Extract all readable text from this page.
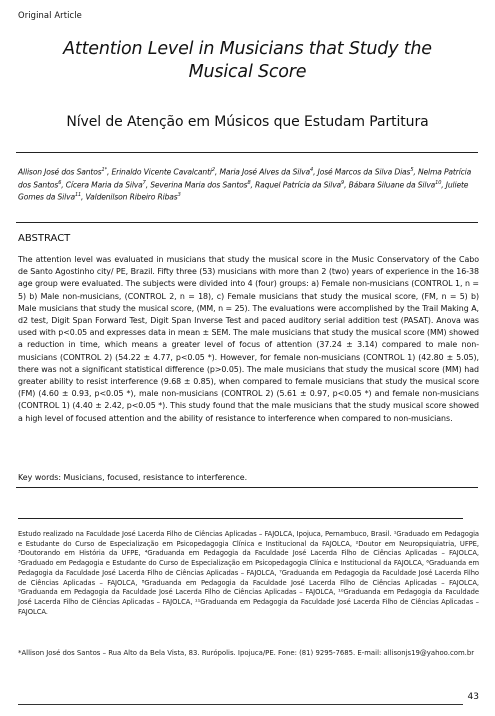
Original Article
Attention Level in Musicians that Study the Musical Score
Nível de Atenção em Músicos que Estudam Partitura
Allison José dos Santos$^{1*}$, Erinaldo Vicente Cavalcanti$^2$, Maria José Alves da Silva$^4$, José Marcos da Silva Dias$^5$, Nelma Patrícia dos Santos$^6$, Cícera Maria da Silva$^7$, Severina Maria dos Santos$^8$, Raquel Patrícia da Silva$^9$, Bábara Siluane da Silva$^{10}$, Juliete Gomes da Silva$^{11}$, Valdenilson Ribeiro Ribas$^3$
ABSTRACT
The attention level was evaluated in musicians that study the musical score in the Music Conservatory of the Cabo de Santo Agostinho city/ PE, Brazil. Fifty three (53) musicians with more than 2 (two) years of experience in the 16-38 age group were evaluated. The subjects were divided into 4 (four) groups: a) Female non-musicians (CONTROL 1, n = 5) b) Male non-musicians, (CONTROL 2, n = 18), c) Female musicians that study the musical score, (FM, n = 5) b) Male musicians that study the musical score, (MM, n = 25). The evaluations were accomplished by the Trail Making A, d2 test, Digit Span Forward Test, Digit Span Inverse Test and paced auditory serial addition test (PASAT). Anova was used with p<0.05 and expresses data in mean ± SEM. The male musicians that study the musical score (MM) showed a reduction in time, which means a greater level of focus of attention (37.24 ± 3.14) compared to male non-musicians (CONTROL 2) (54.22 ± 4.77, p<0.05 *). However, for female non-musicians (CONTROL 1) (42.80 ± 5.05), there was not a significant statistical difference (p>0.05). The male musicians that study the musical score (MM) had greater ability to resist interference (9.68 ± 0.85), when compared to female musicians that study the musical score (FM) (4.60 ± 0.93, p<0.05 *), male non-musicians (CONTROL 2) (5.61 ± 0.97, p<0.05 *) and female non-musicians (CONTROL 1) (4.40 ± 2.42, p<0.05 *). This study found that the male musicians that the study musical score showed a high level of focused attention and the ability of resistance to interference when compared to non-musicians.
Key words: Musicians, focused, resistance to interference.
Estudo realizado na Faculdade José Lacerda Filho de Ciências Aplicadas – FAJOLCA, Ipojuca, Pernambuco, Brasil. ¹Graduado em Pedagogia e Estudante do Curso de Especialização em Psicopedagogia Clínica e Institucional da FAJOLCA, ²Doutor em Neuropsiquiatria, UFPE, ³Doutorando em História da UFPE, ⁴Graduanda em Pedagogia da Faculdade José Lacerda Filho de Ciências Aplicadas – FAJOLCA, ⁵Graduado em Pedagogia e Estudante do Curso de Especialização em Psicopedagogia Clínica e Institucional da FAJOLCA, ⁶Graduanda em Pedagogia da Faculdade José Lacerda Filho de Ciências Aplicadas – FAJOLCA, ⁷Graduanda em Pedagogia da Faculdade José Lacerda Filho de Ciências Aplicadas – FAJOLCA, ⁸Graduanda em Pedagogia da Faculdade José Lacerda Filho de Ciências Aplicadas – FAJOLCA, ⁹Graduanda em Pedagogia da Faculdade José Lacerda Filho de Ciências Aplicadas – FAJOLCA, ¹⁰Graduanda em Pedagogia da Faculdade José Lacerda Filho de Ciências Aplicadas – FAJOLCA, ¹¹Graduanda em Pedagogia da Faculdade José Lacerda Filho de Ciências Aplicadas – FAJOLCA.
*Allison José dos Santos – Rua Alto da Bela Vista, 83. Rurópolis. Ipojuca/PE. Fone: (81) 9295-7685. E-mail: allisonjs19@yahoo.com.br
43
